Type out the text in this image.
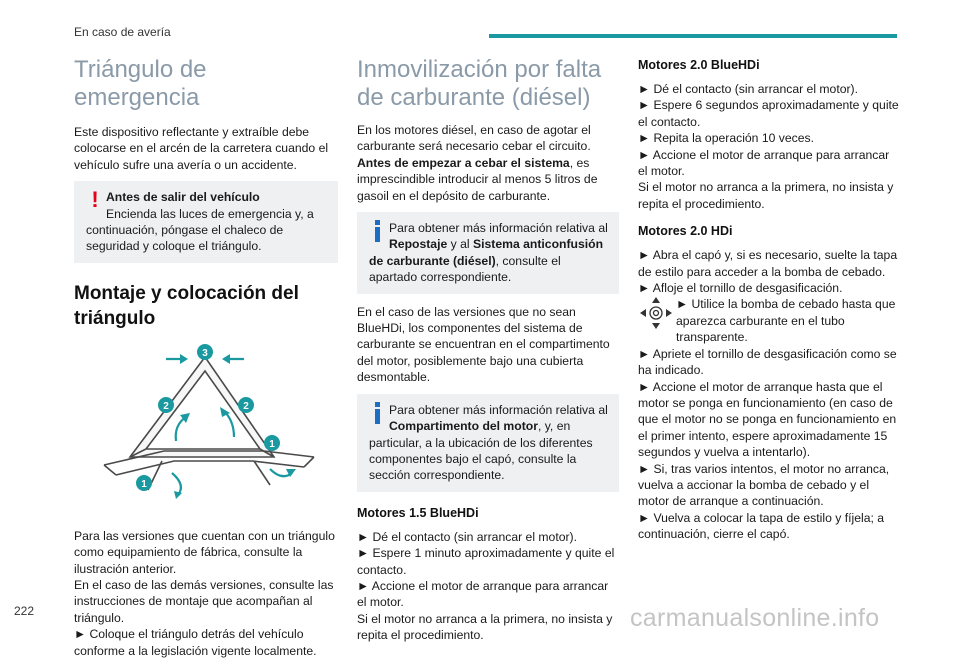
En caso de avería
Triángulo de emergencia

Este dispositivo reflectante y extraíble debe colocarse en el arcén de la carretera cuando el vehículo sufre una avería o un accidente.

! Antes de salir del vehículo
Encienda las luces de emergencia y, a continuación, póngase el chaleco de seguridad y coloque el triángulo.

Montaje y colocación del triángulo
3
2	2
1
1
Para las versiones que cuentan con un triángulo como equipamiento de fábrica, consulte la ilustración anterior.
En el caso de las demás versiones, consulte las instrucciones de montaje que acompañan al triángulo.
► Coloque el triángulo detrás del vehículo conforme a la legislación vigente localmente.
Inmovilización por falta de carburante (diésel)

En los motores diésel, en caso de agotar el carburante será necesario cebar el circuito.
Antes de empezar a cebar el sistema, es imprescindible introducir al menos 5 litros de gasoil en el depósito de carburante.

Para obtener más información relativa al Repostaje y al Sistema anticonfusión de carburante (diésel), consulte el apartado correspondiente.

En el caso de las versiones que no sean BlueHDi, los componentes del sistema de carburante se encuentran en el compartimento del motor, posiblemente bajo una cubierta desmontable.

Para obtener más información relativa al Compartimento del motor, y, en particular, a la ubicación de los diferentes componentes bajo el capó, consulte la sección correspondiente.

Motores 1.5 BlueHDi
► Dé el contacto (sin arrancar el motor).
► Espere 1 minuto aproximadamente y quite el contacto.
► Accione el motor de arranque para arrancar el motor.
Si el motor no arranca a la primera, no insista y repita el procedimiento.
Motores 2.0 BlueHDi
► Dé el contacto (sin arrancar el motor).
► Espere 6 segundos aproximadamente y quite el contacto.
► Repita la operación 10 veces.
► Accione el motor de arranque para arrancar el motor.
Si el motor no arranca a la primera, no insista y repita el procedimiento.
Motores 2.0 HDi
► Abra el capó y, si es necesario, suelte la tapa de estilo para acceder a la bomba de cebado.
► Afloje el tornillo de desgasificación.
► Utilice la bomba de cebado hasta que aparezca carburante en el tubo transparente.
► Apriete el tornillo de desgasificación como se ha indicado.
► Accione el motor de arranque hasta que el motor se ponga en funcionamiento (en caso de que el motor no se ponga en funcionamiento en el primer intento, espere aproximadamente 15 segundos y vuelva a intentarlo).
► Si, tras varios intentos, el motor no arranca, vuelva a accionar la bomba de cebado y el motor de arranque a continuación.
► Vuelva a colocar la tapa de estilo y fíjela; a continuación, cierre el capó.
222	carmanualsonline.info
